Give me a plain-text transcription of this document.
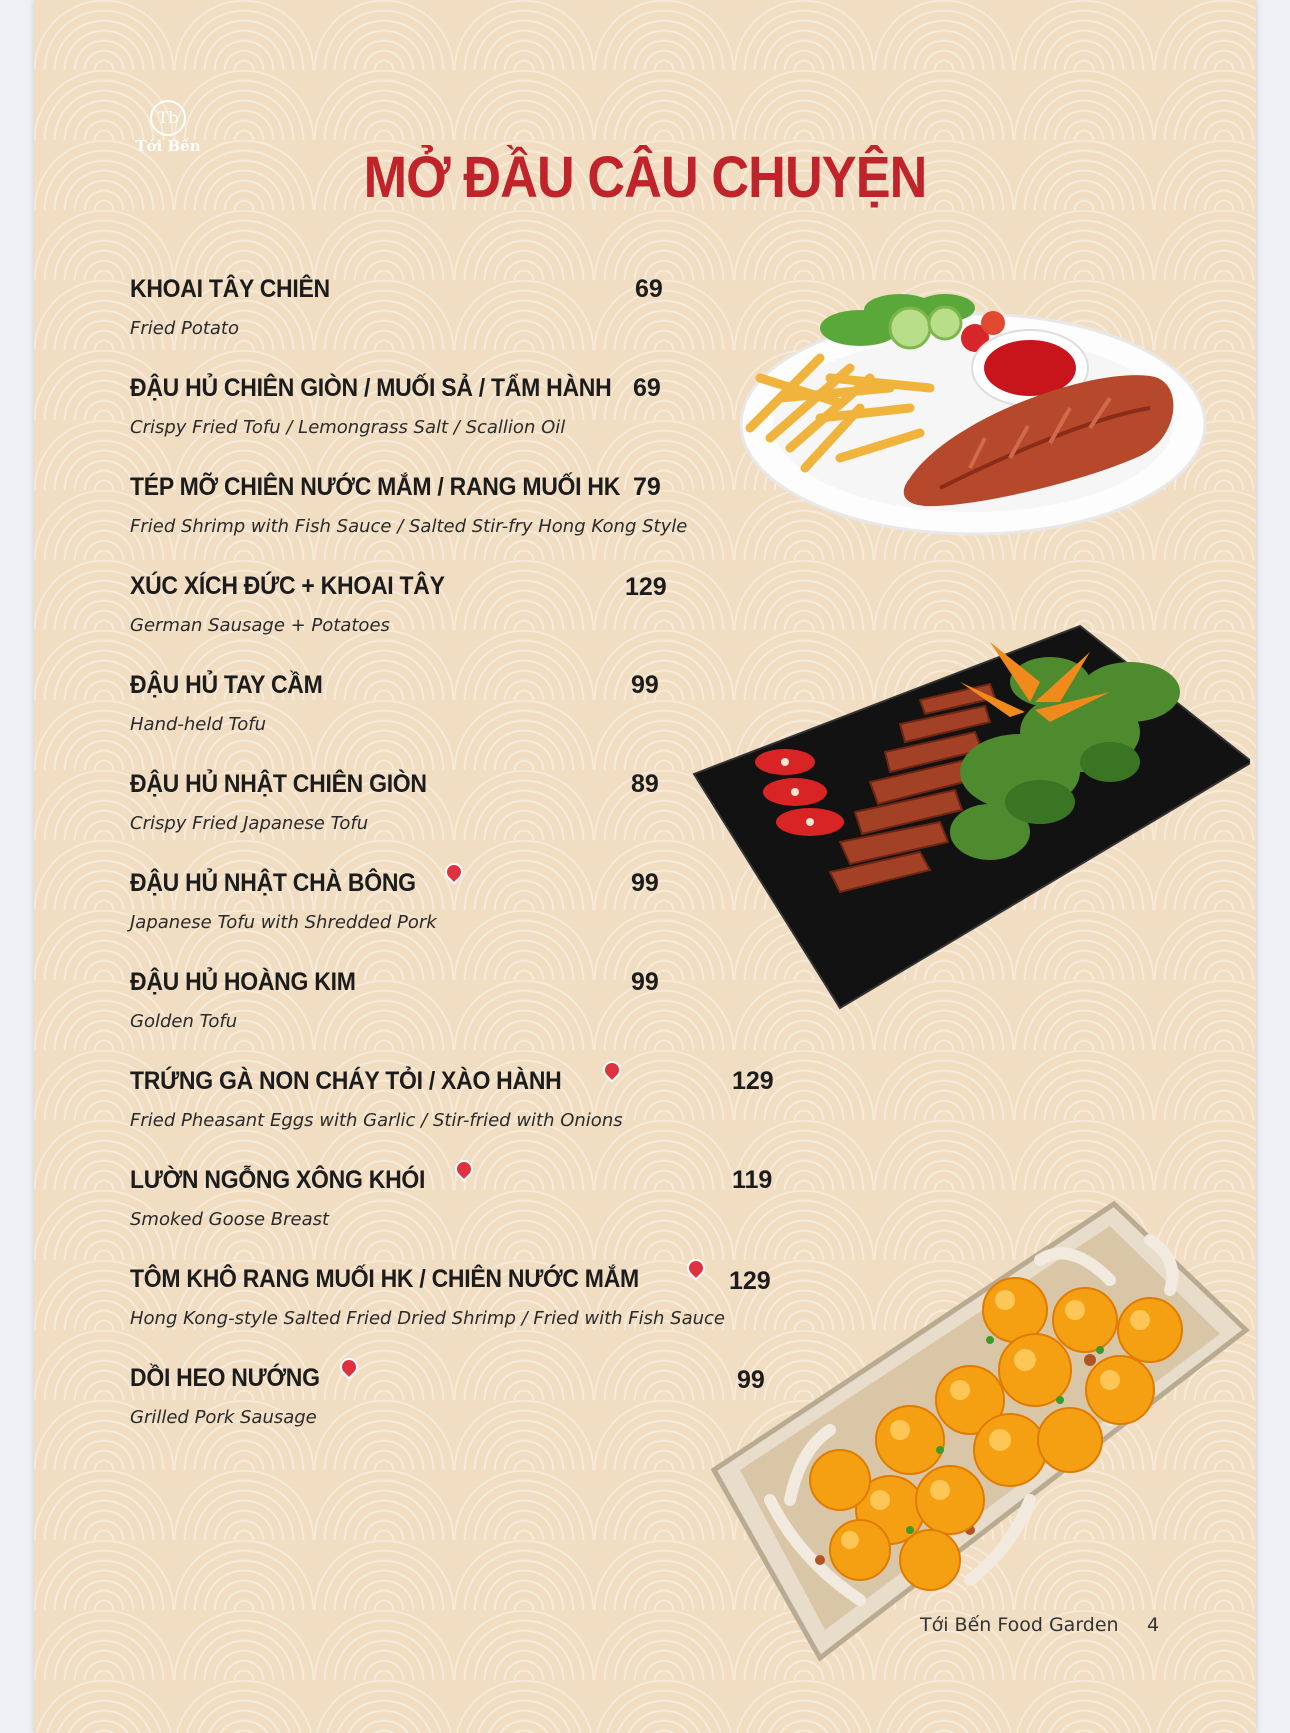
Tb
Tới Bến	MỞ ĐẦU CÂU CHUYỆN
KHOAI TÂY CHIÊN
Fried Potato
69
ĐẬU HỦ CHIÊN GIÒN / MUỐI SẢ / TẨM HÀNH
Crispy Fried Tofu / Lemongrass Salt / Scallion Oil
69
TÉP MỠ CHIÊN NƯỚC MẮM / RANG MUỐI HK
Fried Shrimp with Fish Sauce / Salted Stir-fry Hong Kong Style
79
XÚC XÍCH ĐỨC + KHOAI TÂY
German Sausage + Potatoes
129
ĐẬU HỦ TAY CẦM
Hand-held Tofu
99
ĐẬU HỦ NHẬT CHIÊN GIÒN
Crispy Fried Japanese Tofu
89
ĐẬU HỦ NHẬT CHÀ BÔNG
Japanese Tofu with Shredded Pork
99
ĐẬU HỦ HOÀNG KIM
Golden Tofu
99
TRỨNG GÀ NON CHÁY TỎI / XÀO HÀNH
Fried Pheasant Eggs with Garlic / Stir-fried with Onions
129
LƯỜN NGỖNG XÔNG KHÓI
Smoked Goose Breast
119
TÔM KHÔ RANG MUỐI HK / CHIÊN NƯỚC MẮM
Hong Kong-style Salted Fried Dried Shrimp / Fried with Fish Sauce
129
DỒI HEO NƯỚNG
Grilled Pork Sausage
99
Tới Bến Food Garden 4
